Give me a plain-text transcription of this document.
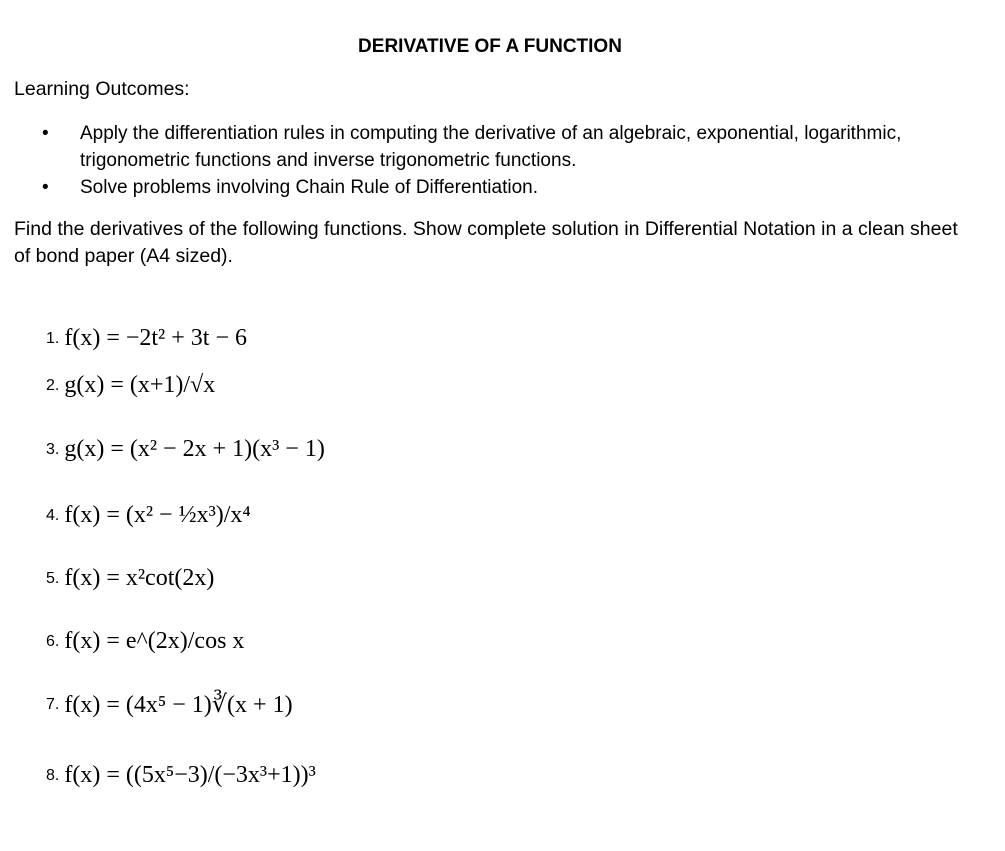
DERIVATIVE OF A FUNCTION
Learning Outcomes:
• Apply the differentiation rules in computing the derivative of an algebraic, exponential, logarithmic, trigonometric functions and inverse trigonometric functions.
• Solve problems involving Chain Rule of Differentiation.

Find the derivatives of the following functions. Show complete solution in Differential Notation in a clean sheet of bond paper (A4 sized).

1. f(x) = −2t² + 3t − 6
2. g(x) = (x+1)/√x
3. g(x) = (x² − 2x + 1)(x³ − 1)
4. f(x) = (x² − ½x³)/x⁴
5. f(x) = x²cot(2x)
6. f(x) = e^(2x)/cos x
7. f(x) = (4x⁵ − 1)∛(x + 1)
8. f(x) = ((5x⁵−3)/(−3x³+1))³
